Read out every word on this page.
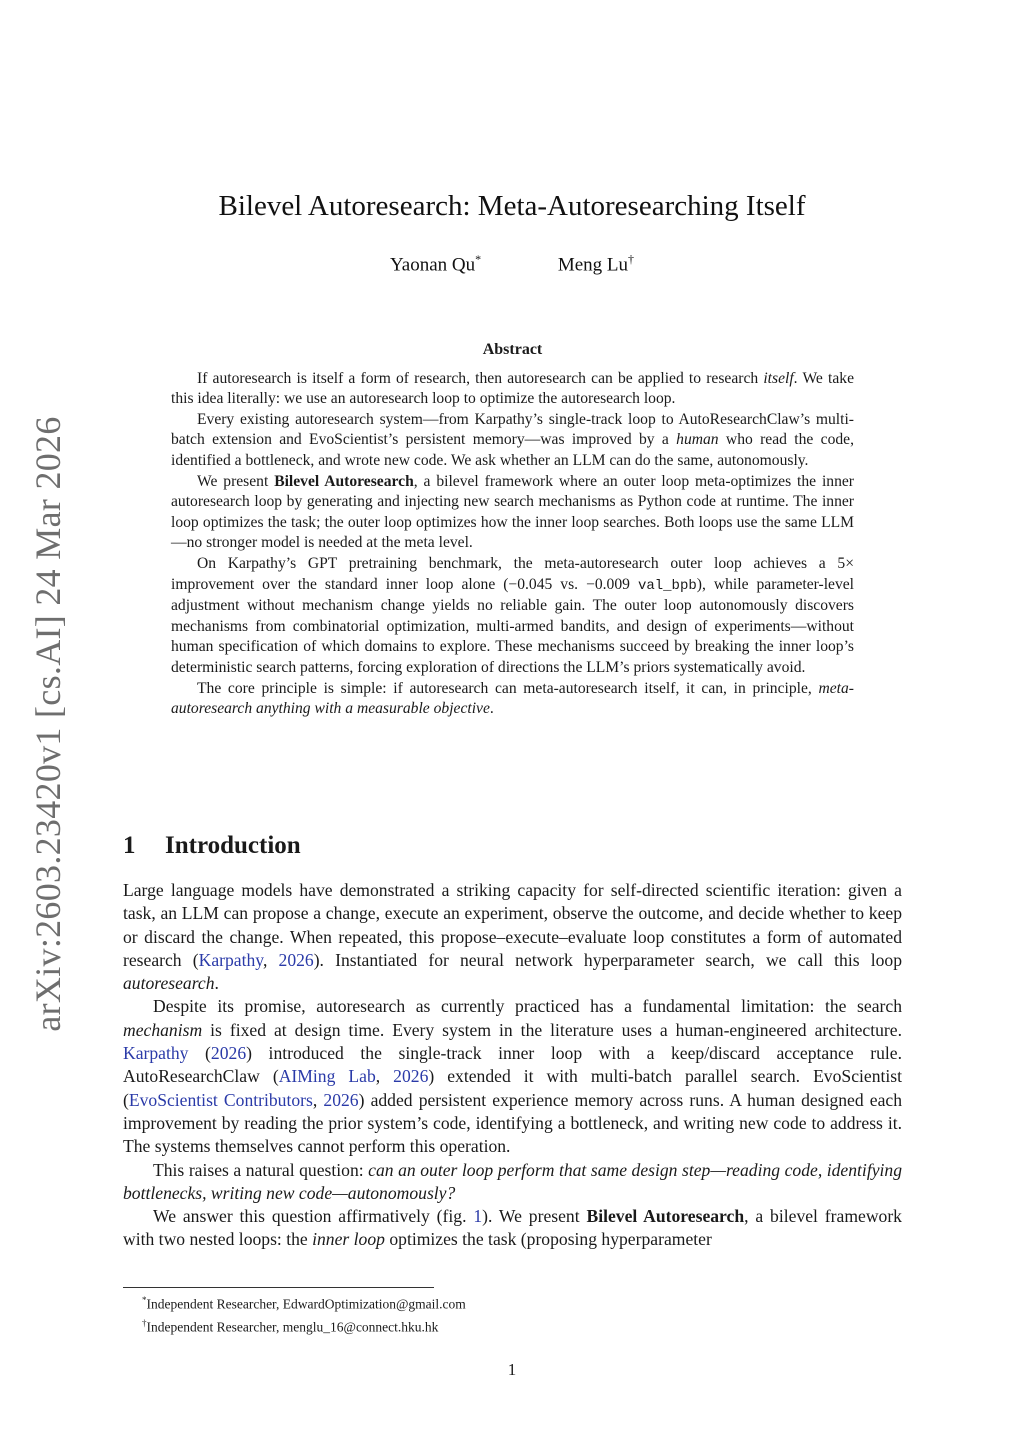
arXiv:2603.23420v1 [cs.AI] 24 Mar 2026
Bilevel Autoresearch: Meta-Autoresearching Itself
Yaonan Qu*	Meng Lu†
Abstract

If autoresearch is itself a form of research, then autoresearch can be applied to research itself. We take this idea literally: we use an autoresearch loop to optimize the autoresearch loop.

Every existing autoresearch system—from Karpathy’s single-track loop to AutoResearchClaw’s multi-batch extension and EvoScientist’s persistent memory—was improved by a human who read the code, identified a bottleneck, and wrote new code. We ask whether an LLM can do the same, autonomously.

We present Bilevel Autoresearch, a bilevel framework where an outer loop meta-optimizes the inner autoresearch loop by generating and injecting new search mechanisms as Python code at runtime. The inner loop optimizes the task; the outer loop optimizes how the inner loop searches. Both loops use the same LLM—no stronger model is needed at the meta level.

On Karpathy’s GPT pretraining benchmark, the meta-autoresearch outer loop achieves a 5× improvement over the standard inner loop alone (−0.045 vs. −0.009 val_bpb), while parameter-level adjustment without mechanism change yields no reliable gain. The outer loop autonomously discovers mechanisms from combinatorial optimization, multi-armed bandits, and design of experiments—without human specification of which domains to explore. These mechanisms succeed by breaking the inner loop’s deterministic search patterns, forcing exploration of directions the LLM’s priors systematically avoid.

The core principle is simple: if autoresearch can meta-autoresearch itself, it can, in principle, meta-autoresearch anything with a measurable objective.

1 Introduction

Large language models have demonstrated a striking capacity for self-directed scientific iteration: given a task, an LLM can propose a change, execute an experiment, observe the outcome, and decide whether to keep or discard the change. When repeated, this propose–execute–evaluate loop constitutes a form of automated research (Karpathy, 2026). Instantiated for neural network hyperparameter search, we call this loop autoresearch.

Despite its promise, autoresearch as currently practiced has a fundamental limitation: the search mechanism is fixed at design time. Every system in the literature uses a human-engineered architecture. Karpathy (2026) introduced the single-track inner loop with a keep/discard acceptance rule. AutoResearchClaw (AIMing Lab, 2026) extended it with multi-batch parallel search. EvoScientist (EvoScientist Contributors, 2026) added persistent experience memory across runs. A human designed each improvement by reading the prior system’s code, identifying a bottleneck, and writing new code to address it. The systems themselves cannot perform this operation.

This raises a natural question: can an outer loop perform that same design step—reading code, identifying bottlenecks, writing new code—autonomously?

We answer this question affirmatively (fig. 1). We present Bilevel Autoresearch, a bilevel framework with two nested loops: the inner loop optimizes the task (proposing hyperparameter

*Independent Researcher, EdwardOptimization@gmail.com
†Independent Researcher, menglu_16@connect.hku.hk
1
